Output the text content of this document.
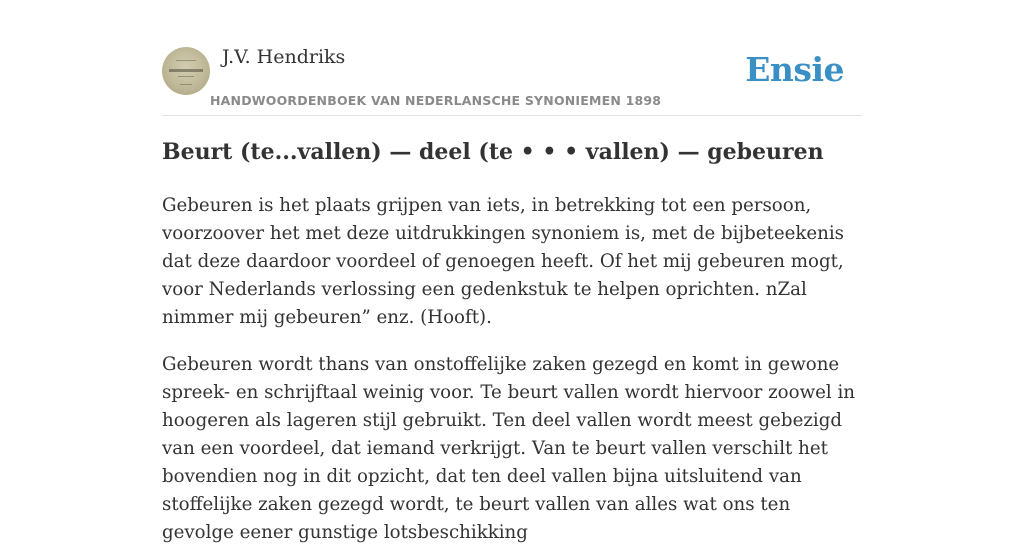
J.V. Hendriks
HANDWOORDENBOEK VAN NEDERLANSCHE SYNONIEMEN 1898
Ensie
Beurt (te...vallen) — deel (te • • • vallen) — gebeuren

Gebeuren is het plaats grijpen van iets, in betrekking tot een persoon, voorzoover het met deze uitdrukkingen synoniem is, met de bijbeteekenis dat deze daardoor voordeel of genoegen heeft. Of het mij gebeuren mogt, voor Nederlands verlossing een gedenkstuk te helpen oprichten. nZal nimmer mij gebeuren” enz. (Hooft).

Gebeuren wordt thans van onstoffelijke zaken gezegd en komt in gewone spreek- en schrijftaal weinig voor. Te beurt vallen wordt hiervoor zoowel in hoogeren als lageren stijl gebruikt. Ten deel vallen wordt meest gebezigd van een voordeel, dat iemand verkrijgt. Van te beurt vallen verschilt het bovendien nog in dit opzicht, dat ten deel vallen bijna uitsluitend van stoffelijke zaken gezegd wordt, te beurt vallen van alles wat ons ten gevolge eener gunstige lotsbeschikking
